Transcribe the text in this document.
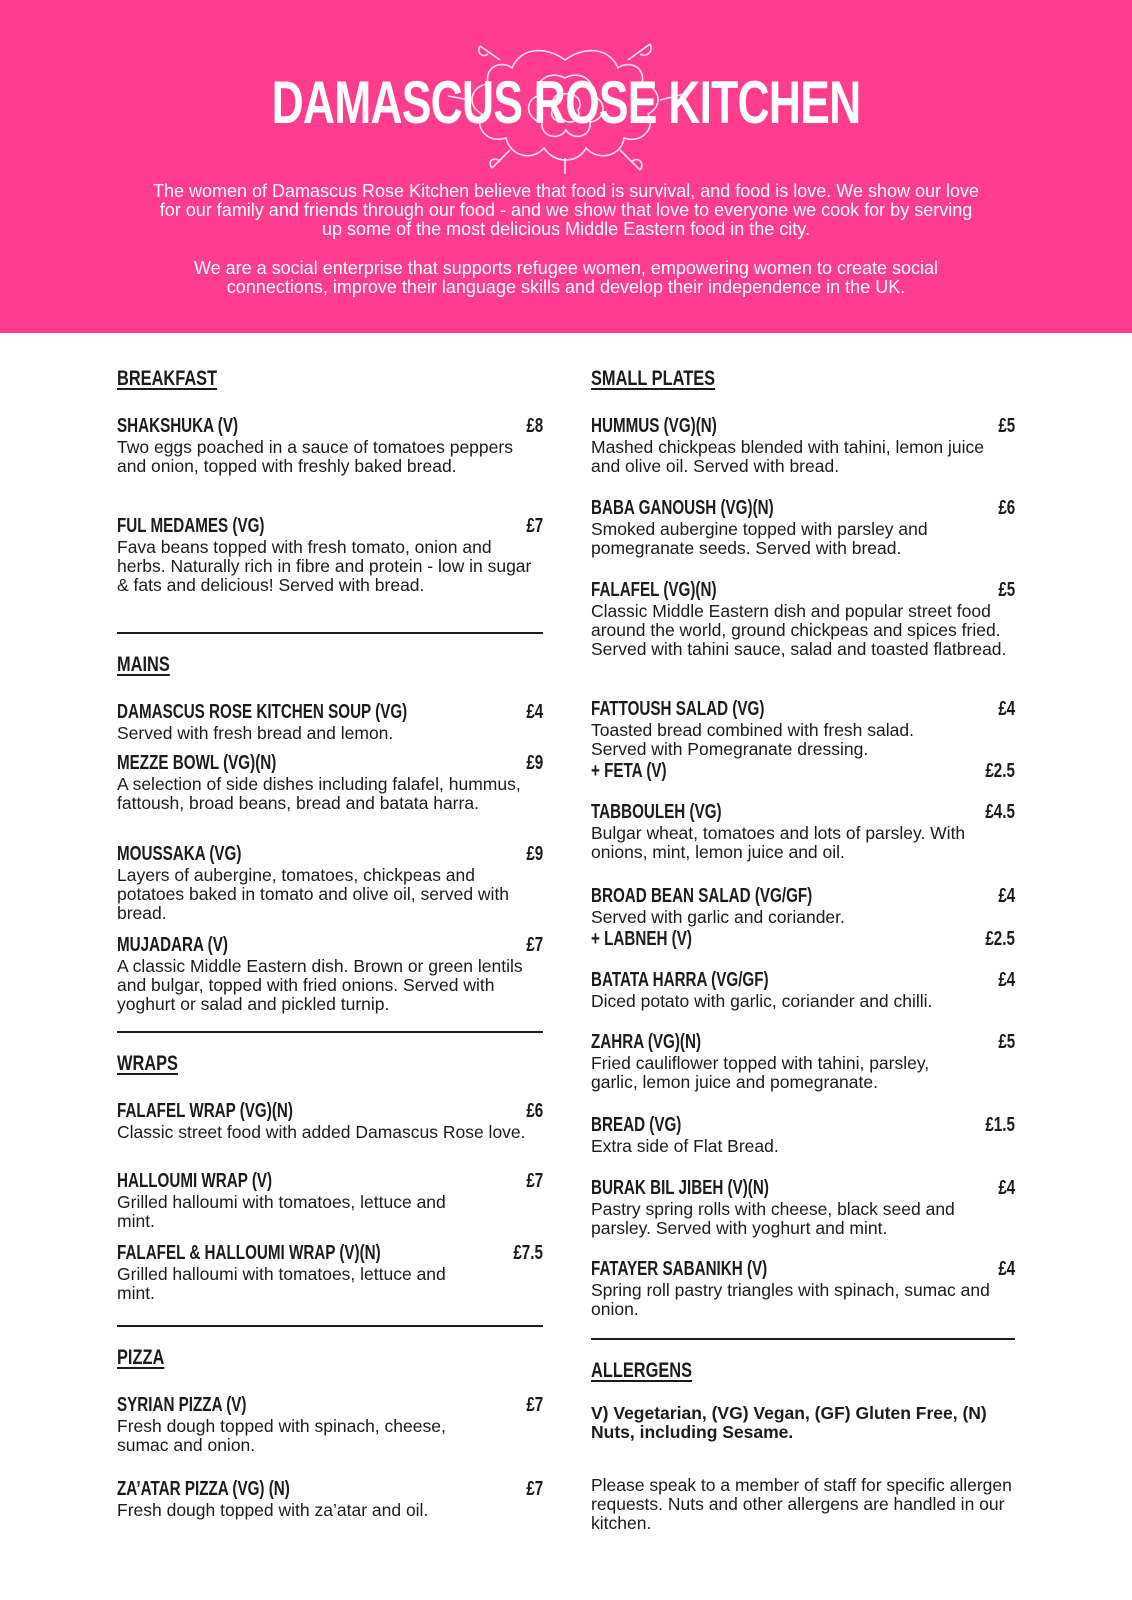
DAMASCUS ROSE KITCHEN
The women of Damascus Rose Kitchen believe that food is survival, and food is love. We show our love for our family and friends through our food - and we show that love to everyone we cook for by serving up some of the most delicious Middle Eastern food in the city.
We are a social enterprise that supports refugee women, empowering women to create social connections, improve their language skills and develop their independence in the UK.
BREAKFAST
SHAKSHUKA (V)	£8
Two eggs poached in a sauce of tomatoes peppers and onion, topped with freshly baked bread.
FUL MEDAMES (VG)	£7
Fava beans topped with fresh tomato, onion and herbs. Naturally rich in fibre and protein - low in sugar & fats and delicious! Served with bread.
MAINS
DAMASCUS ROSE KITCHEN SOUP (VG)	£4
Served with fresh bread and lemon.
MEZZE BOWL (VG)(N)	£9
A selection of side dishes including falafel, hummus, fattoush, broad beans, bread and batata harra.
MOUSSAKA (VG)	£9
Layers of aubergine, tomatoes, chickpeas and potatoes baked in tomato and olive oil, served with bread.
MUJADARA (V)	£7
A classic Middle Eastern dish. Brown or green lentils and bulgar, topped with fried onions. Served with yoghurt or salad and pickled turnip.
WRAPS
FALAFEL WRAP (VG)(N)	£6
Classic street food with added Damascus Rose love.
HALLOUMI WRAP (V)	£7
Grilled halloumi with tomatoes, lettuce and mint.
FALAFEL & HALLOUMI WRAP (V)(N)	£7.5
Grilled halloumi with tomatoes, lettuce and mint.
PIZZA
SYRIAN PIZZA (V)	£7
Fresh dough topped with spinach, cheese, sumac and onion.
ZA’ATAR PIZZA (VG) (N)	£7
Fresh dough topped with za’atar and oil.
SMALL PLATES
HUMMUS (VG)(N)	£5
Mashed chickpeas blended with tahini, lemon juice and olive oil. Served with bread.
BABA GANOUSH (VG)(N)	£6
Smoked aubergine topped with parsley and pomegranate seeds. Served with bread.
FALAFEL (VG)(N)	£5
Classic Middle Eastern dish and popular street food around the world, ground chickpeas and spices fried. Served with tahini sauce, salad and toasted flatbread.
FATTOUSH SALAD (VG)	£4
Toasted bread combined with fresh salad. Served with Pomegranate dressing.
+ FETA (V)	£2.5
TABBOULEH (VG)	£4.5
Bulgar wheat, tomatoes and lots of parsley. With onions, mint, lemon juice and oil.
BROAD BEAN SALAD (VG/GF)	£4
Served with garlic and coriander.
+ LABNEH (V)	£2.5
BATATA HARRA (VG/GF)	£4
Diced potato with garlic, coriander and chilli.
ZAHRA (VG)(N)	£5
Fried cauliflower topped with tahini, parsley, garlic, lemon juice and pomegranate.
BREAD (VG)	£1.5
Extra side of Flat Bread.
BURAK BIL JIBEH (V)(N)	£4
Pastry spring rolls with cheese, black seed and parsley. Served with yoghurt and mint.
FATAYER SABANIKH (V)	£4
Spring roll pastry triangles with spinach, sumac and onion.
ALLERGENS
V) Vegetarian, (VG) Vegan, (GF) Gluten Free, (N) Nuts, including Sesame.
Please speak to a member of staff for specific allergen requests. Nuts and other allergens are handled in our kitchen.
